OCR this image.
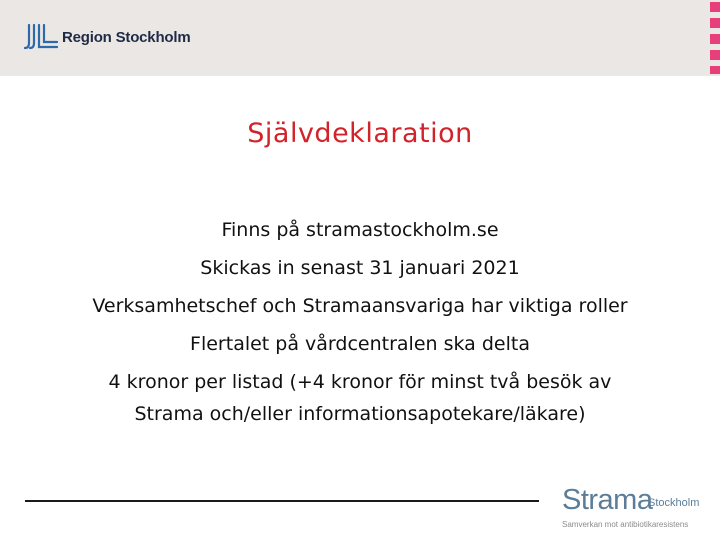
Region Stockholm
Självdeklaration
Finns på stramastockholm.se
Skickas in senast 31 januari 2021
Verksamhetschef och Stramaansvariga har viktiga roller
Flertalet på vårdcentralen ska delta
4 kronor per listad (+4 kronor för minst två besök av
Strama och/eller informationsapotekare/läkare)
Strama
Stockholm
Samverkan mot antibiotikaresistens
